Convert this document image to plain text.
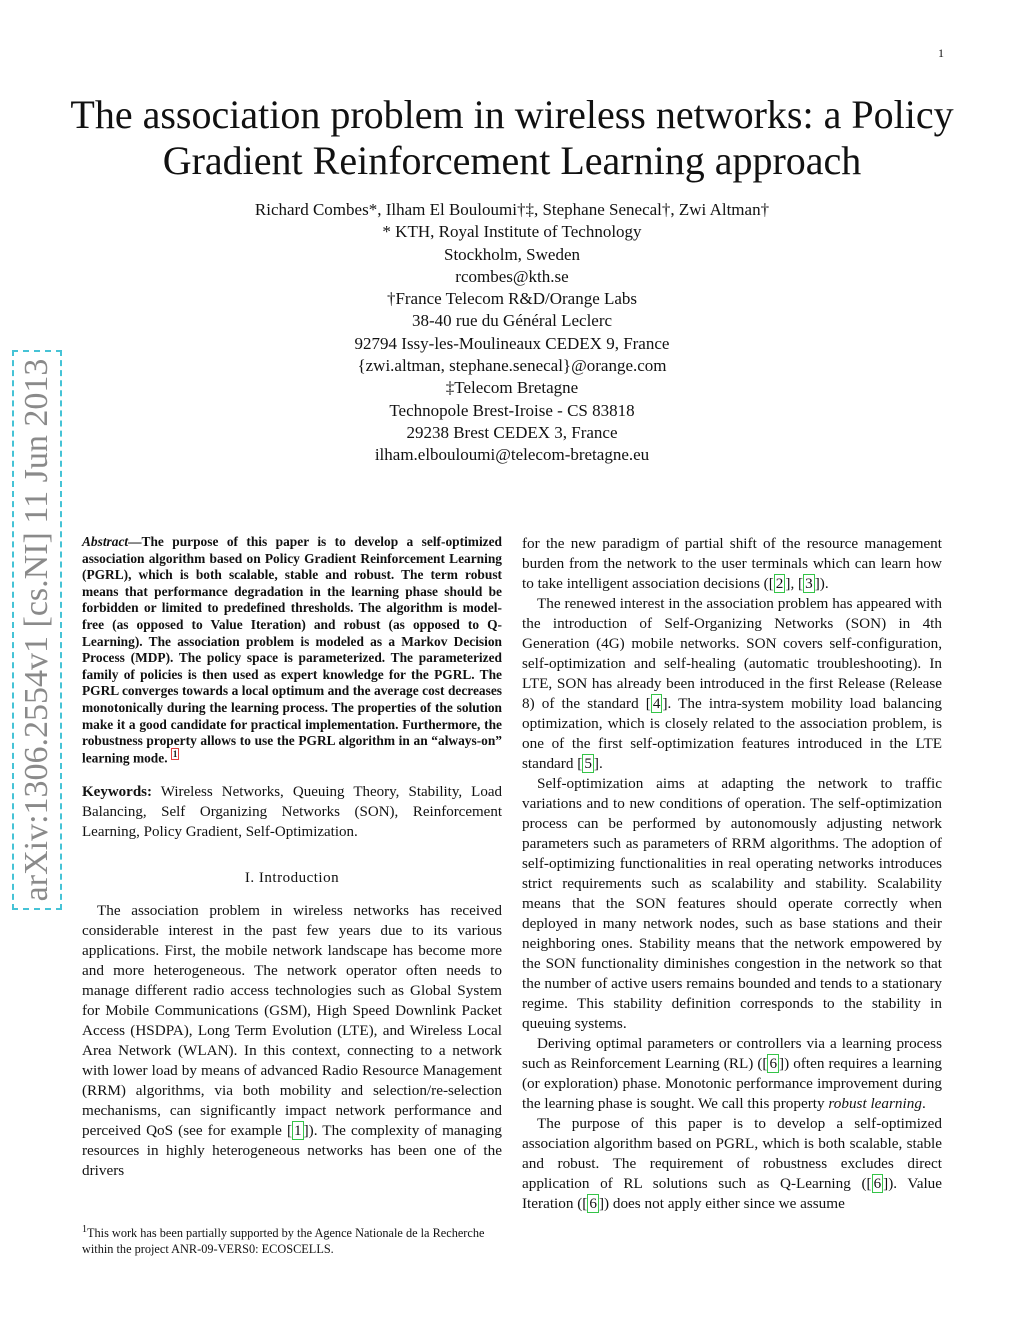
1
arXiv:1306.2554v1 [cs.NI] 11 Jun 2013
The association problem in wireless networks: a Policy Gradient Reinforcement Learning approach
Richard Combes*, Ilham El Bouloumi†‡, Stephane Senecal†, Zwi Altman†
* KTH, Royal Institute of Technology
Stockholm, Sweden
rcombes@kth.se
†France Telecom R&D/Orange Labs
38-40 rue du Général Leclerc
92794 Issy-les-Moulineaux CEDEX 9, France
{zwi.altman, stephane.senecal}@orange.com
‡Telecom Bretagne
Technopole Brest-Iroise - CS 83818
29238 Brest CEDEX 3, France
ilham.elbouloumi@telecom-bretagne.eu
Abstract—The purpose of this paper is to develop a self-optimized association algorithm based on Policy Gradient Reinforcement Learning (PGRL), which is both scalable, stable and robust. The term robust means that performance degradation in the learning phase should be forbidden or limited to predefined thresholds. The algorithm is model-free (as opposed to Value Iteration) and robust (as opposed to Q-Learning). The association problem is modeled as a Markov Decision Process (MDP). The policy space is parameterized. The parameterized family of policies is then used as expert knowledge for the PGRL. The PGRL converges towards a local optimum and the average cost decreases monotonically during the learning process. The properties of the solution make it a good candidate for practical implementation. Furthermore, the robustness property allows to use the PGRL algorithm in an “always-on” learning mode. $^1$
Keywords: Wireless Networks, Queuing Theory, Stability, Load Balancing, Self Organizing Networks (SON), Reinforcement Learning, Policy Gradient, Self-Optimization.
I. Introduction

The association problem in wireless networks has received considerable interest in the past few years due to its various applications. First, the mobile network landscape has become more and more heterogeneous. The network operator often needs to manage different radio access technologies such as Global System for Mobile Communications (GSM), High Speed Downlink Packet Access (HSDPA), Long Term Evolution (LTE), and Wireless Local Area Network (WLAN). In this context, connecting to a network with lower load by means of advanced Radio Resource Management (RRM) algorithms, via both mobility and selection/re-selection mechanisms, can significantly impact network performance and perceived QoS (see for example [ 1 ]). The complexity of managing resources in highly heterogeneous networks has been one of the drivers

for the new paradigm of partial shift of the resource management burden from the network to the user terminals which can learn how to take intelligent association decisions ([ 2 ], [ 3 ]).

The renewed interest in the association problem has appeared with the introduction of Self-Organizing Networks (SON) in 4th Generation (4G) mobile networks. SON covers self-configuration, self-optimization and self-healing (automatic troubleshooting). In LTE, SON has already been introduced in the first Release (Release 8) of the standard [ 4 ]. The intra-system mobility load balancing optimization, which is closely related to the association problem, is one of the first self-optimization features introduced in the LTE standard [ 5 ].

Self-optimization aims at adapting the network to traffic variations and to new conditions of operation. The self-optimization process can be performed by autonomously adjusting network parameters such as parameters of RRM algorithms. The adoption of self-optimizing functionalities in real operating networks introduces strict requirements such as scalability and stability. Scalability means that the SON features should operate correctly when deployed in many network nodes, such as base stations and their neighboring ones. Stability means that the network empowered by the SON functionality diminishes congestion in the network so that the number of active users remains bounded and tends to a stationary regime. This stability definition corresponds to the stability in queuing systems.

Deriving optimal parameters or controllers via a learning process such as Reinforcement Learning (RL) ([ 6 ]) often requires a learning (or exploration) phase. Monotonic performance improvement during the learning phase is sought. We call this property robust learning.

The purpose of this paper is to develop a self-optimized association algorithm based on PGRL, which is both scalable, stable and robust. The requirement of robustness excludes direct application of RL solutions such as Q-Learning ([ 6 ]). Value Iteration ([ 6 ]) does not apply either since we assume

$^1$This work has been partially supported by the Agence Nationale de la Recherche within the project ANR-09-VERS0: ECOSCELLS.
